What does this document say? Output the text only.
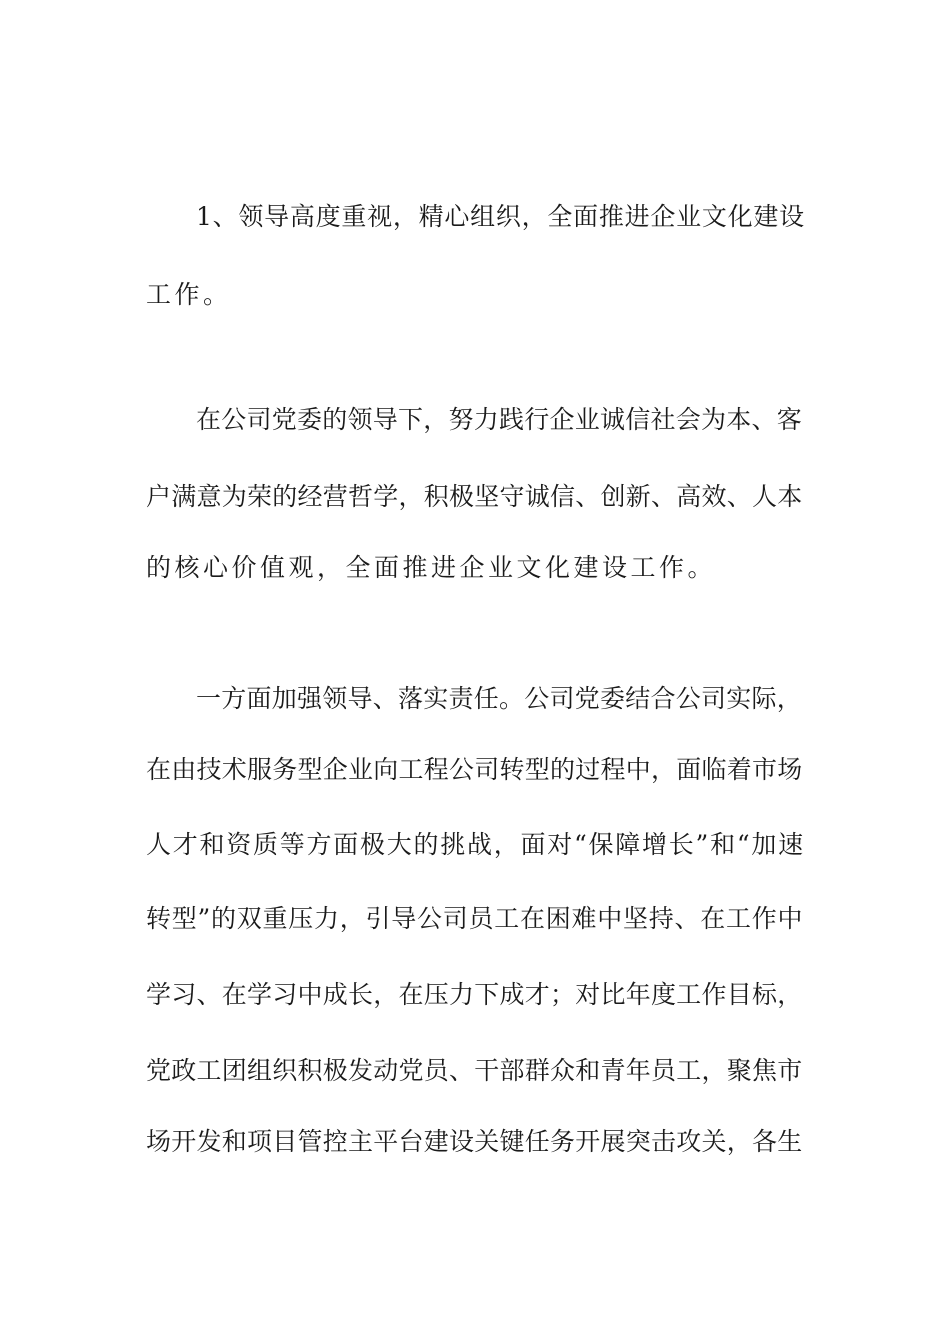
1、领导高度重视，精心组织，全面推进企业文化建设
工作。
在公司党委的领导下，努力践行企业诚信社会为本、客
户满意为荣的经营哲学，积极坚守诚信、创新、高效、人本
的核心价值观，全面推进企业文化建设工作。
一方面加强领导、落实责任。公司党委结合公司实际，
在由技术服务型企业向工程公司转型的过程中，面临着市场
人才和资质等方面极大的挑战，面对“保障增长”和“加速
转型”的双重压力，引导公司员工在困难中坚持、在工作中
学习、在学习中成长，在压力下成才；对比年度工作目标，
党政工团组织积极发动党员、干部群众和青年员工，聚焦市
场开发和项目管控主平台建设关键任务开展突击攻关，各生
